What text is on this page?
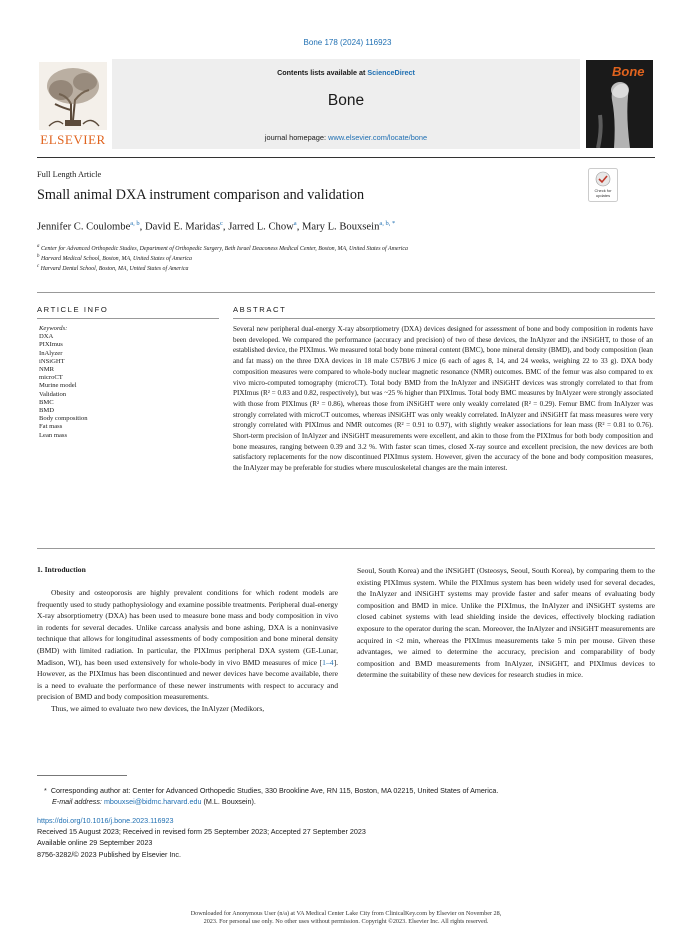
Bone 178 (2024) 116923
Contents lists available at ScienceDirect
Bone
journal homepage: www.elsevier.com/locate/bone
ELSEVIER
Bone
Full Length Article
Small animal DXA instrument comparison and validation	Check for
updates
Jennifer C. Coulombe$^{a, b}$, David E. Maridas$^c$, Jarred L. Chow$^a$, Mary L. Bouxsein$^{a, b, *}$
$^a$ Center for Advanced Orthopedic Studies, Department of Orthopedic Surgery, Beth Israel Deaconess Medical Center, Boston, MA, United States of America
$^b$ Harvard Medical School, Boston, MA, United States of America
$^c$ Harvard Dental School, Boston, MA, United States of America
ARTICLE INFO	ABSTRACT
Keywords:
DXA
PIXImus
InAlyzer
iNSiGHT
NMR
microCT
Murine model
Validation
BMC
BMD
Body composition
Fat mass
Lean mass
Several new peripheral dual-energy X-ray absorptiometry (DXA) devices designed for assessment of bone and body composition in rodents have been developed. We compared the performance (accuracy and precision) of two of these devices, the InAlyzer and the iNSiGHT, to those of an established device, the PIXImus. We measured total body bone mineral content (BMC), bone mineral density (BMD), and body composition (lean and fat mass) on the three DXA devices in 18 male C57Bl/6 J mice (6 each of ages 8, 14, and 24 weeks, weighing 22 to 33 g). DXA body composition measures were compared to whole-body nuclear magnetic resonance (NMR) outcomes. BMC of the femur was also compared to ex vivo micro-computed tomography (microCT). Total body BMD from the InAlyzer and iNSiGHT devices was strongly correlated to that from PIXImus (R² = 0.83 and 0.82, respectively), but was ~25 % higher than PIXImus. Total body BMC measures by InAlyzer were strongly associated with those from PIXImus (R² = 0.86), whereas those from iNSiGHT were only weakly correlated (R² = 0.29). Femur BMC from InAlyzer was strongly correlated with microCT outcomes, whereas iNSiGHT was only weakly correlated. InAlyzer and iNSiGHT fat mass measures were very strongly correlated with PIXImus and NMR outcomes (R² = 0.91 to 0.97), with slightly weaker associations for lean mass (R² = 0.81 to 0.76). Short-term precision of InAlyzer and iNSiGHT measurements were excellent, and akin to those from the PIXImus for both body composition and bone measures, ranging between 0.39 and 3.2 %. With faster scan times, closed X-ray source and excellent precision, the new devices are both satisfactory replacements for the now discontinued PIXImus system. However, given the accuracy of the bone and body composition measures, the InAlyzer may be preferable for studies where musculoskeletal changes are the main interest.
1. Introduction

Obesity and osteoporosis are highly prevalent conditions for which rodent models are frequently used to study pathophysiology and examine possible treatments. Peripheral dual-energy X-ray absorptiometry (DXA) has been used to measure bone mass and body composition in vivo in rodents for several decades. Unlike carcass analysis and bone ashing, DXA is a noninvasive technique that allows for longitudinal assessments of body composition and bone mineral density (BMD) with limited radiation. In particular, the PIXImus peripheral DXA system (GE-Lunar, Madison, WI), has been used extensively for whole-body in vivo BMD measures of mice [1–4]. However, as the PIXImus has been discontinued and newer devices have become available, there is a need to evaluate the performance of these newer instruments with respect to accuracy and precision of BMD and body composition measurements.

Thus, we aimed to evaluate two new devices, the InAlyzer (Medikors,

Seoul, South Korea) and the iNSiGHT (Osteosys, Seoul, South Korea), by comparing them to the existing PIXImus system. While the PIXImus system has been widely used for several decades, the InAlyzer and iNSiGHT systems may provide faster and safer means of evaluating body composition and BMD in mice. Unlike the PIXImus, the InAlyzer and iNSiGHT systems are closed cabinet systems with lead shielding inside the devices, effectively blocking radiation exposure to the operator during the scan. Moreover, the InAlyzer and iNSiGHT measurements are acquired in <2 min, whereas the PIXImus measurements take 5 min per mouse. Given these advantages, we aimed to determine the accuracy, precision and comparability of body composition and BMD measurements from InAlyzer, iNSiGHT, and PIXImus devices to determine the suitability of these new devices for research studies in mice.

* Corresponding author at: Center for Advanced Orthopedic Studies, 330 Brookline Ave, RN 115, Boston, MA 02215, United States of America.
E-mail address: mbouxsei@bidmc.harvard.edu (M.L. Bouxsein).
https://doi.org/10.1016/j.bone.2023.116923
Received 15 August 2023; Received in revised form 25 September 2023; Accepted 27 September 2023
Available online 29 September 2023
8756-3282/© 2023 Published by Elsevier Inc.
Downloaded for Anonymous User (n/a) at VA Medical Center Lake City from ClinicalKey.com by Elsevier on November 28,
2023. For personal use only. No other uses without permission. Copyright ©2023. Elsevier Inc. All rights reserved.
